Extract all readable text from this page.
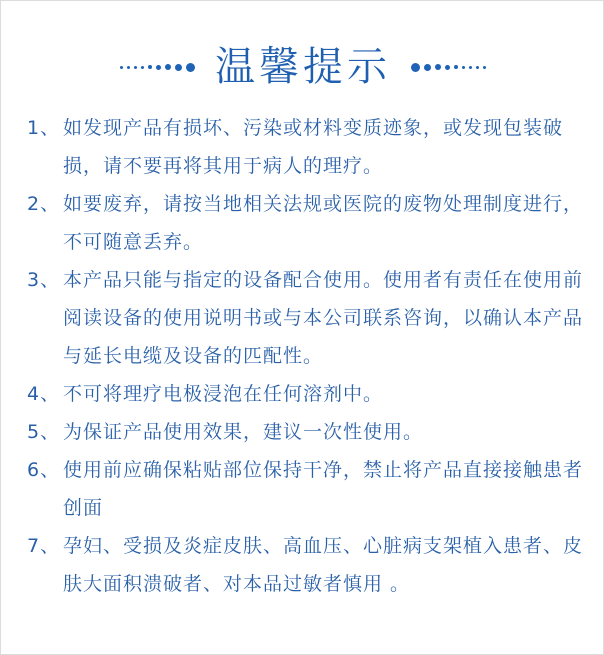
温馨提示
1、 如发现产品有损坏、污染或材料变质迹象，或发现包装破损，请不要再将其用于病人的理疗。
2、 如要废弃，请按当地相关法规或医院的废物处理制度进行，不可随意丢弃。
3、 本产品只能与指定的设备配合使用。使用者有责任在使用前阅读设备的使用说明书或与本公司联系咨询，以确认本产品与延长电缆及设备的匹配性。
4、 不可将理疗电极浸泡在任何溶剂中。
5、 为保证产品使用效果，建议一次性使用。
6、 使用前应确保粘贴部位保持干净，禁止将产品直接接触患者创面
7、 孕妇、受损及炎症皮肤、高血压、心脏病支架植入患者、皮肤大面积溃破者、对本品过敏者慎用 。
